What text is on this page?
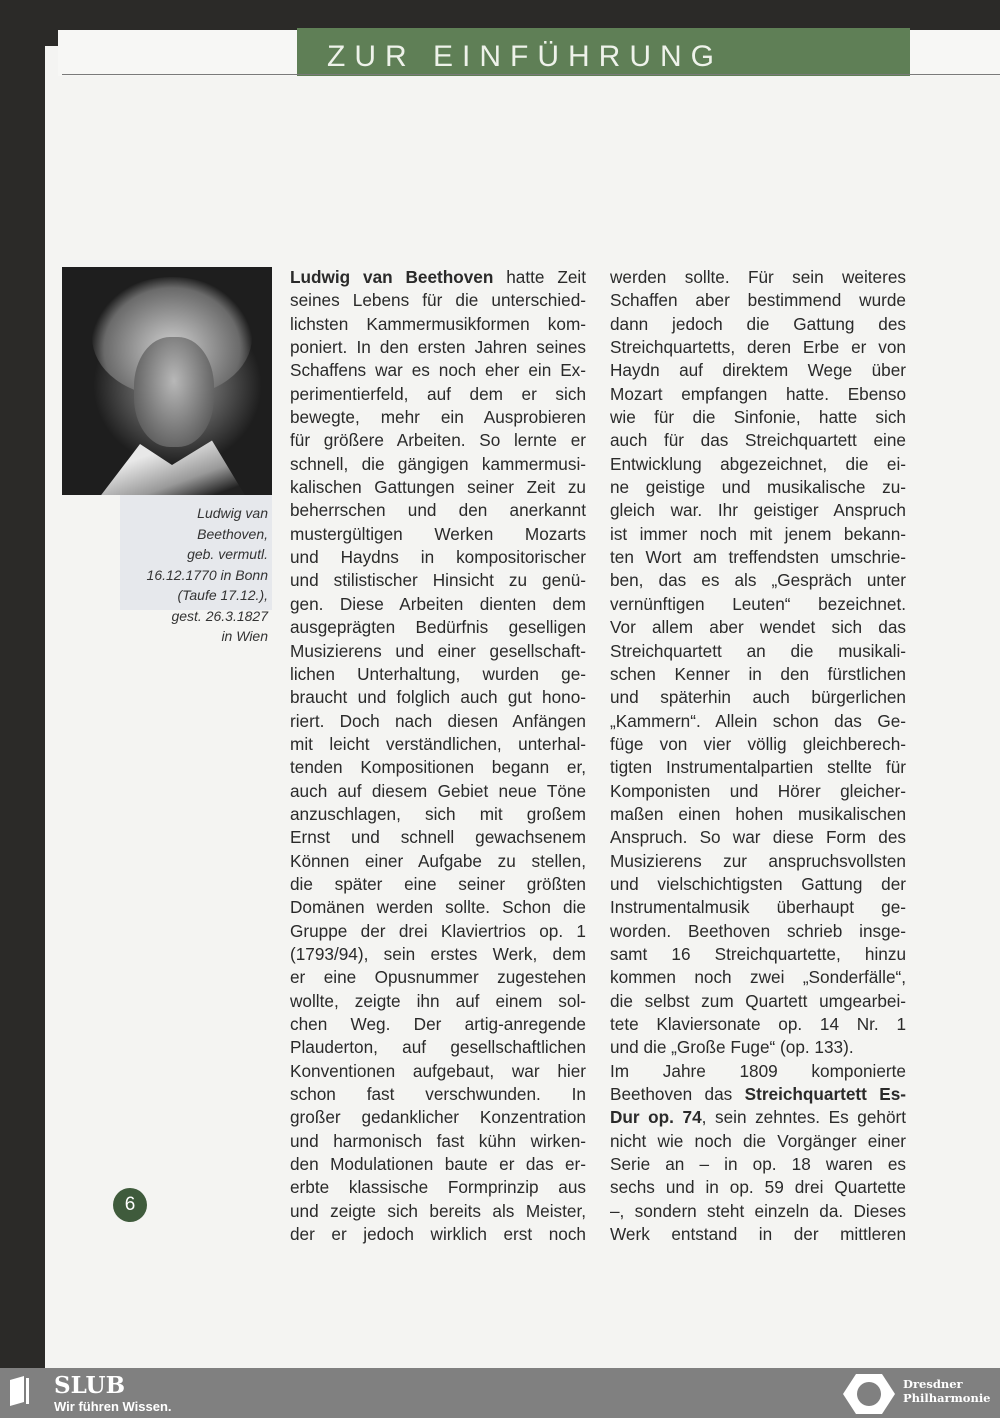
ZUR EINFÜHRUNG
Ludwig van
Beethoven,
geb. vermutl.
16.12.1770 in Bonn
(Taufe 17.12.),
gest. 26.3.1827
in Wien
Ludwig van Beethoven hatte Zeit
seines Lebens für die unterschied-
lichsten Kammermusikformen kom-
poniert. In den ersten Jahren seines
Schaffens war es noch eher ein Ex-
perimentierfeld, auf dem er sich
bewegte, mehr ein Ausprobieren
für größere Arbeiten. So lernte er
schnell, die gängigen kammermusi-
kalischen Gattungen seiner Zeit zu
beherrschen und den anerkannt
mustergültigen Werken Mozarts
und Haydns in kompositorischer
und stilistischer Hinsicht zu genü-
gen. Diese Arbeiten dienten dem
ausgeprägten Bedürfnis geselligen
Musizierens und einer gesellschaft-
lichen Unterhaltung, wurden ge-
braucht und folglich auch gut hono-
riert. Doch nach diesen Anfängen
mit leicht verständlichen, unterhal-
tenden Kompositionen begann er,
auch auf diesem Gebiet neue Töne
anzuschlagen, sich mit großem
Ernst und schnell gewachsenem
Können einer Aufgabe zu stellen,
die später eine seiner größten
Domänen werden sollte. Schon die
Gruppe der drei Klaviertrios op. 1
(1793/94), sein erstes Werk, dem
er eine Opusnummer zugestehen
wollte, zeigte ihn auf einem sol-
chen Weg. Der artig-anregende
Plauderton, auf gesellschaftlichen
Konventionen aufgebaut, war hier
schon fast verschwunden. In
großer gedanklicher Konzentration
und harmonisch fast kühn wirken-
den Modulationen baute er das er-
erbte klassische Formprinzip aus
und zeigte sich bereits als Meister,
der er jedoch wirklich erst noch
werden sollte. Für sein weiteres
Schaffen aber bestimmend wurde
dann jedoch die Gattung des
Streichquartetts, deren Erbe er von
Haydn auf direktem Wege über
Mozart empfangen hatte. Ebenso
wie für die Sinfonie, hatte sich
auch für das Streichquartett eine
Entwicklung abgezeichnet, die ei-
ne geistige und musikalische zu-
gleich war. Ihr geistiger Anspruch
ist immer noch mit jenem bekann-
ten Wort am treffendsten umschrie-
ben, das es als „Gespräch unter
vernünftigen Leuten“ bezeichnet.
Vor allem aber wendet sich das
Streichquartett an die musikali-
schen Kenner in den fürstlichen
und späterhin auch bürgerlichen
„Kammern“. Allein schon das Ge-
füge von vier völlig gleichberech-
tigten Instrumentalpartien stellte für
Komponisten und Hörer gleicher-
maßen einen hohen musikalischen
Anspruch. So war diese Form des
Musizierens zur anspruchsvollsten
und vielschichtigsten Gattung der
Instrumentalmusik überhaupt ge-
worden. Beethoven schrieb insge-
samt 16 Streichquartette, hinzu
kommen noch zwei „Sonderfälle“,
die selbst zum Quartett umgearbei-
tete Klaviersonate op. 14 Nr. 1
und die „Große Fuge“ (op. 133).
Im Jahre 1809 komponierte
Beethoven das Streichquartett Es-
Dur op. 74, sein zehntes. Es gehört
nicht wie noch die Vorgänger einer
Serie an – in op. 18 waren es
sechs und in op. 59 drei Quartette
–, sondern steht einzeln da. Dieses
Werk entstand in der mittleren
6
SLUB
Wir führen Wissen.
Dresdner
Philharmonie
